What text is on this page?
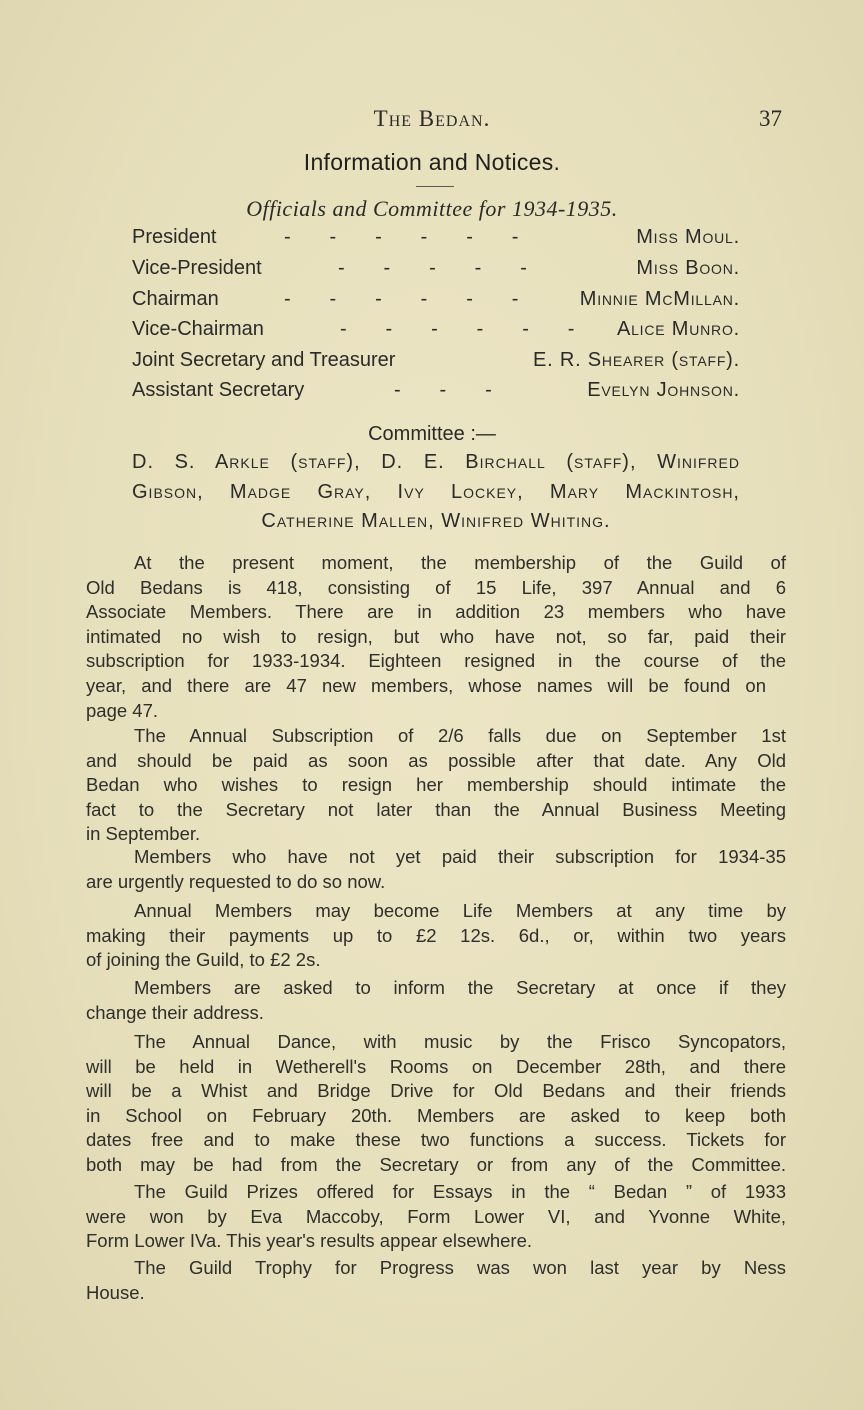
The Bedan.	37
Information and Notices.
Officials and Committee for 1934-1935.
President	-       -       -       -       -       -	Miss Moul.
Vice-President	-       -       -       -       -	Miss Boon.
Chairman	-       -       -       -       -       -	Minnie McMillan.
Vice-Chairman	-       -       -       -       -       - Alice Munro.
Joint Secretary and Treasurer	E. R. Shearer (staff).
Assistant Secretary	-       -       -	Evelyn Johnson.
Committee :—
D. S. Arkle (staff), D. E. Birchall (staff), Winifred
Gibson, Madge Gray, Ivy Lockey, Mary Mackintosh,
Catherine Mallen, Winifred Whiting.
At the present moment, the membership of the Guild of
Old Bedans is 418, consisting of 15 Life, 397 Annual and 6
Associate Members. There are in addition 23 members who have
intimated no wish to resign, but who have not, so far, paid their
subscription for 1933-1934. Eighteen resigned in the course of the
year, and there are 47 new members, whose names will be found on
page 47.
The Annual Subscription of 2/6 falls due on September 1st
and should be paid as soon as possible after that date. Any Old
Bedan who wishes to resign her membership should intimate the
fact to the Secretary not later than the Annual Business Meeting
in September.
Members who have not yet paid their subscription for 1934-35
are urgently requested to do so now.
Annual Members may become Life Members at any time by
making their payments up to £2 12s. 6d., or, within two years
of joining the Guild, to £2 2s.
Members are asked to inform the Secretary at once if they
change their address.
The Annual Dance, with music by the Frisco Syncopators,
will be held in Wetherell's Rooms on December 28th, and there
will be a Whist and Bridge Drive for Old Bedans and their friends
in School on February 20th. Members are asked to keep both
dates free and to make these two functions a success. Tickets for
both may be had from the Secretary or from any of the Committee.
The Guild Prizes offered for Essays in the “ Bedan ” of 1933
were won by Eva Maccoby, Form Lower VI, and Yvonne White,
Form Lower IVa. This year's results appear elsewhere.
The Guild Trophy for Progress was won last year by Ness
House.
